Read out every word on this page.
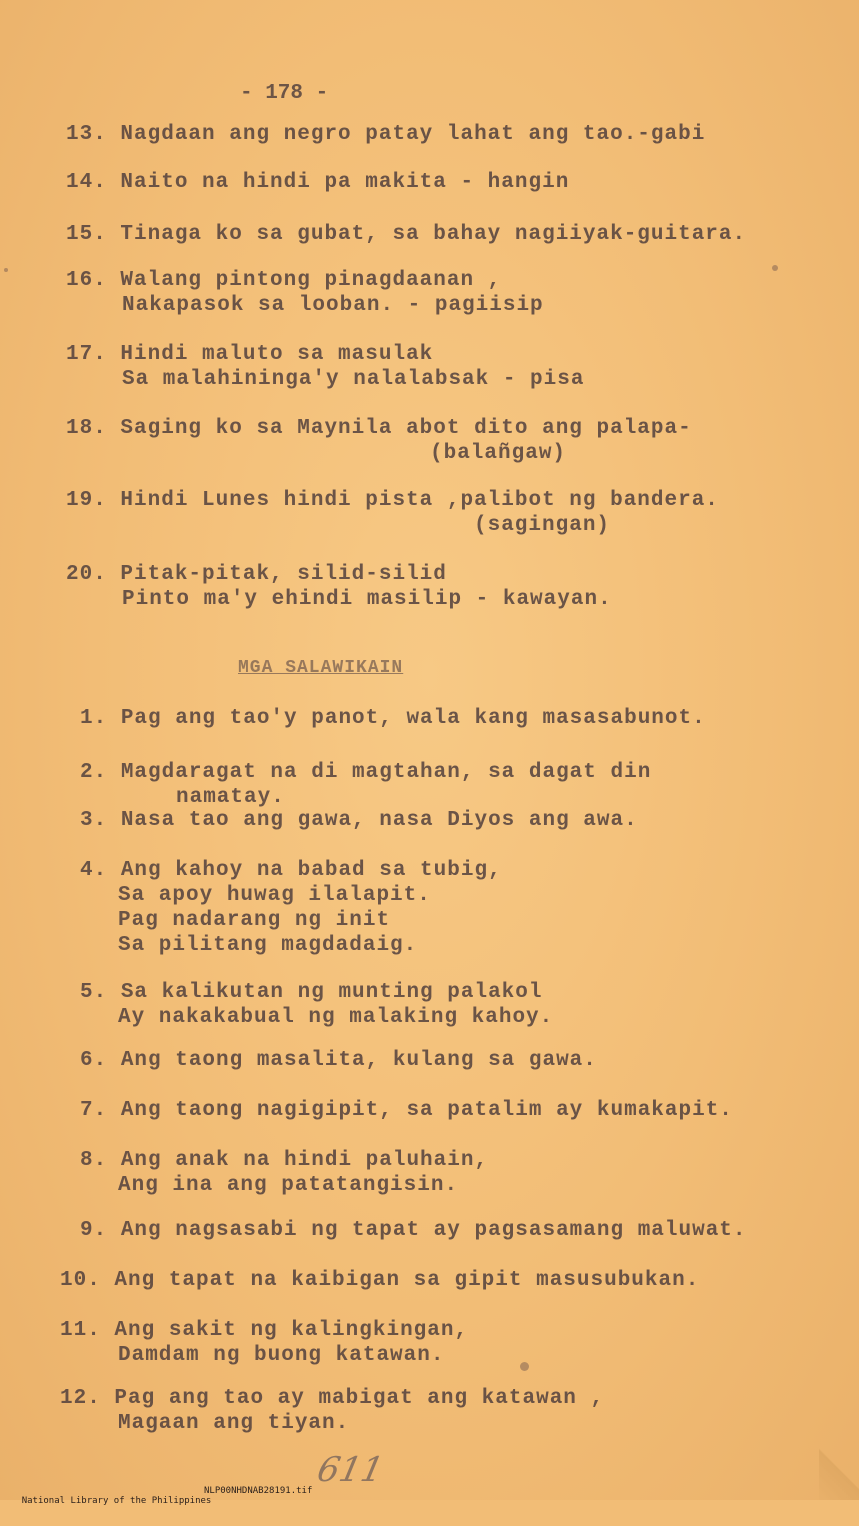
- 178 -
13. Nagdaan ang negro patay lahat ang tao.-gabi
14. Naito na hindi pa makita - hangin
15. Tinaga ko sa gubat, sa bahay nagiiyak-guitara.
16. Walang pintong pinagdaanan ,
Nakapasok sa looban. - pagiisip
17. Hindi maluto sa masulak
Sa malahininga'y nalalabsak - pisa
18. Saging ko sa Maynila abot dito ang palapa-
(balañgaw)
19. Hindi Lunes hindi pista ,palibot ng bandera.
(sagingan)
20. Pitak-pitak, silid-silid
Pinto ma'y ehindi masilip - kawayan.
MGA SALAWIKAIN
1. Pag ang tao'y panot, wala kang masasabunot.
2. Magdaragat na di magtahan, sa dagat din
namatay.
3. Nasa tao ang gawa, nasa Diyos ang awa.
4. Ang kahoy na babad sa tubig,
Sa apoy huwag ilalapit.
Pag nadarang ng init
Sa pilitang magdadaig.
5. Sa kalikutan ng munting palakol
Ay nakakabual ng malaking kahoy.
6. Ang taong masalita, kulang sa gawa.
7. Ang taong nagigipit, sa patalim ay kumakapit.
8. Ang anak na hindi paluhain,
Ang ina ang patatangisin.
9. Ang nagsasabi ng tapat ay pagsasamang maluwat.
10. Ang tapat na kaibigan sa gipit masusubukan.
11. Ang sakit ng kalingkingan,
Damdam ng buong katawan.
12. Pag ang tao ay mabigat ang katawan ,
Magaan ang tiyan.
611

National Library of the Philippines

NLP00NHDNAB28191.tif
